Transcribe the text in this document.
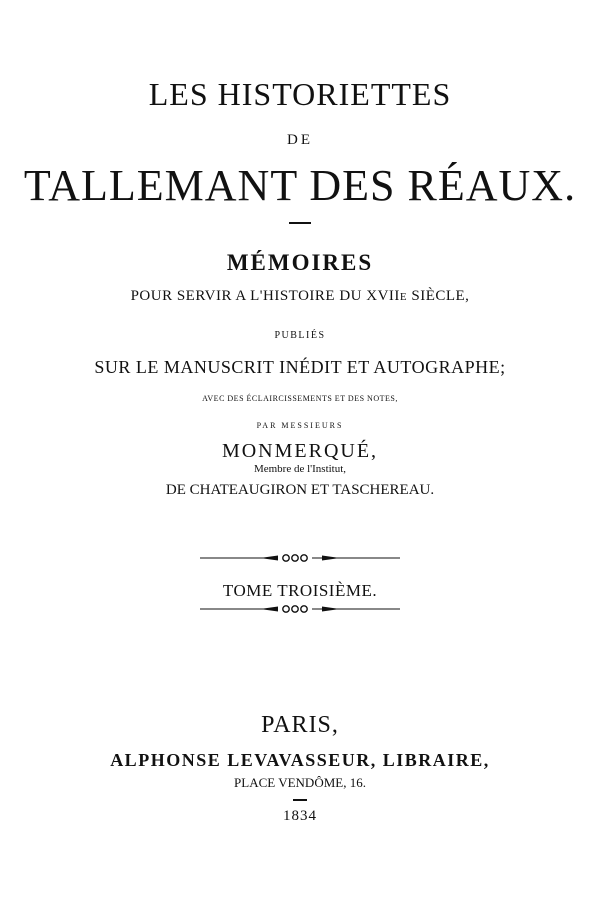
LES HISTORIETTES
DE
TALLEMANT DES RÉAUX.
MÉMOIRES
POUR SERVIR A L'HISTOIRE DU XVIIe SIÈCLE,
PUBLIÉS
SUR LE MANUSCRIT INÉDIT ET AUTOGRAPHE;
AVEC DES ÉCLAIRCISSEMENTS ET DES NOTES,
PAR MESSIEURS
MONMERQUÉ,
Membre de l'Institut,
DE CHATEAUGIRON ET TASCHEREAU.
TOME TROISIÈME.
PARIS,
ALPHONSE LEVAVASSEUR, LIBRAIRE,
PLACE VENDÔME, 16.
1834
